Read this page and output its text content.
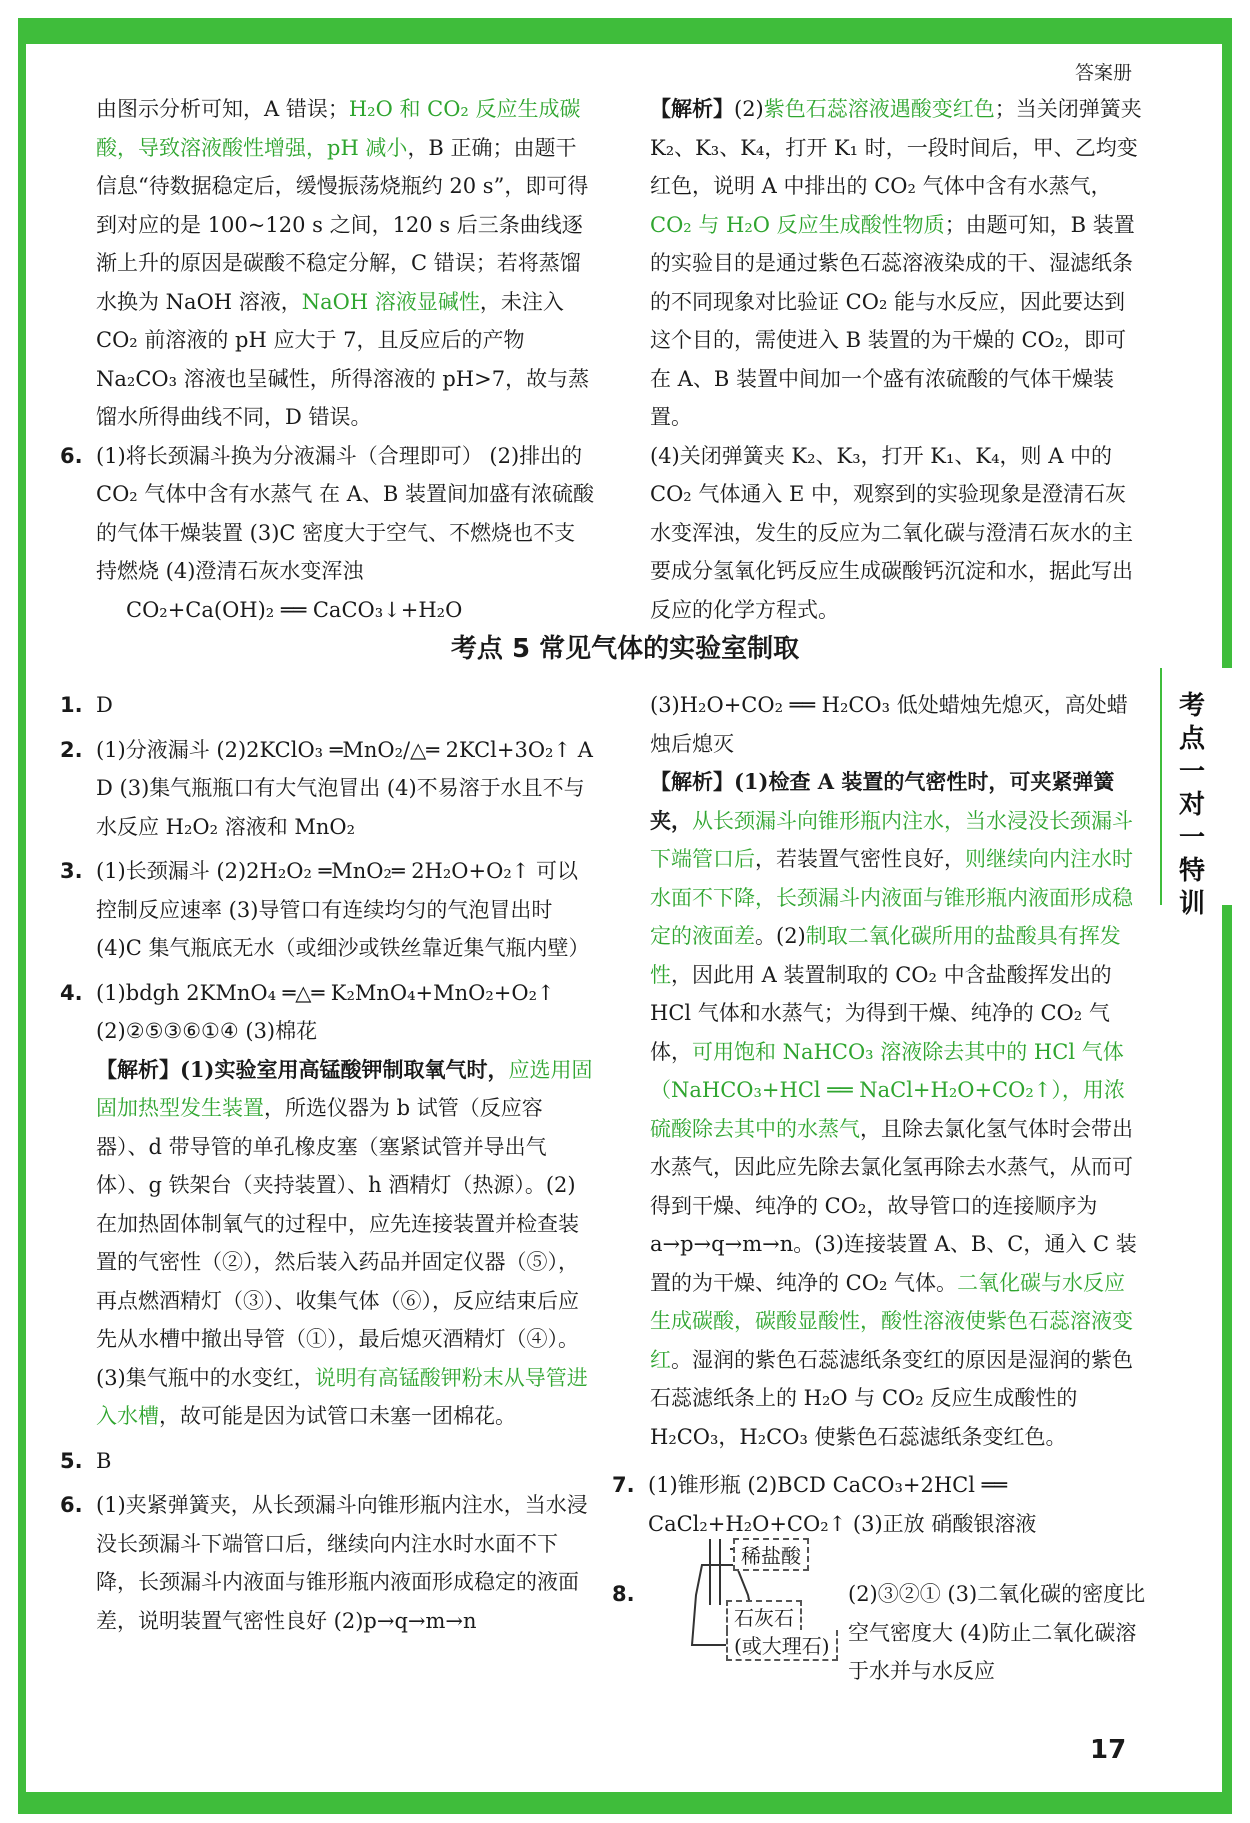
考点一对一特训
答案册

由图示分析可知，A 错误；H₂O 和 CO₂ 反应生成碳酸，导致溶液酸性增强，pH 减小，B 正确；由题干信息“待数据稳定后，缓慢振荡烧瓶约 20 s”，即可得到对应的是 100~120 s 之间，120 s 后三条曲线逐渐上升的原因是碳酸不稳定分解，C 错误；若将蒸馏水换为 NaOH 溶液，NaOH 溶液显碱性，未注入 CO₂ 前溶液的 pH 应大于 7，且反应后的产物 Na₂CO₃ 溶液也呈碱性，所得溶液的 pH>7，故与蒸馏水所得曲线不同，D 错误。

6. (1)将长颈漏斗换为分液漏斗（合理即可） (2)排出的 CO₂ 气体中含有水蒸气 在 A、B 装置间加盛有浓硫酸的气体干燥装置 (3)C 密度大于空气、不燃烧也不支持燃烧 (4)澄清石灰水变浑浊

CO₂+Ca(OH)₂ ══ CaCO₃↓+H₂O

【解析】(2)紫色石蕊溶液遇酸变红色；当关闭弹簧夹 K₂、K₃、K₄，打开 K₁ 时，一段时间后，甲、乙均变红色，说明 A 中排出的 CO₂ 气体中含有水蒸气，CO₂ 与 H₂O 反应生成酸性物质；由题可知，B 装置的实验目的是通过紫色石蕊溶液染成的干、湿滤纸条的不同现象对比验证 CO₂ 能与水反应，因此要达到这个目的，需使进入 B 装置的为干燥的 CO₂，即可在 A、B 装置中间加一个盛有浓硫酸的气体干燥装置。

(4)关闭弹簧夹 K₂、K₃，打开 K₁、K₄，则 A 中的 CO₂ 气体通入 E 中，观察到的实验现象是澄清石灰水变浑浊，发生的反应为二氧化碳与澄清石灰水的主要成分氢氧化钙反应生成碳酸钙沉淀和水，据此写出反应的化学方程式。

考点 5 常见气体的实验室制取

1. D

2. (1)分液漏斗 (2)2KClO₃ ═MnO₂/△═ 2KCl+3O₂↑ A D (3)集气瓶瓶口有大气泡冒出 (4)不易溶于水且不与水反应 H₂O₂ 溶液和 MnO₂

3. (1)长颈漏斗 (2)2H₂O₂ ═MnO₂═ 2H₂O+O₂↑ 可以控制反应速率 (3)导管口有连续均匀的气泡冒出时 (4)C 集气瓶底无水（或细沙或铁丝靠近集气瓶内壁）

4. (1)bdgh 2KMnO₄ ═△═ K₂MnO₄+MnO₂+O₂↑ (2)②⑤③⑥①④ (3)棉花

【解析】(1)实验室用高锰酸钾制取氧气时，应选用固固加热型发生装置，所选仪器为 b 试管（反应容器）、d 带导管的单孔橡皮塞（塞紧试管并导出气体）、g 铁架台（夹持装置）、h 酒精灯（热源）。(2)在加热固体制氧气的过程中，应先连接装置并检查装置的气密性（②），然后装入药品并固定仪器（⑤），再点燃酒精灯（③）、收集气体（⑥），反应结束后应先从水槽中撤出导管（①），最后熄灭酒精灯（④）。(3)集气瓶中的水变红，说明有高锰酸钾粉末从导管进入水槽，故可能是因为试管口未塞一团棉花。

5. B

6. (1)夹紧弹簧夹，从长颈漏斗向锥形瓶内注水，当水浸没长颈漏斗下端管口后，继续向内注水时水面不下降，长颈漏斗内液面与锥形瓶内液面形成稳定的液面差，说明装置气密性良好 (2)p→q→m→n

(3)H₂O+CO₂ ══ H₂CO₃ 低处蜡烛先熄灭，高处蜡烛后熄灭

【解析】(1)检查 A 装置的气密性时，可夹紧弹簧夹，从长颈漏斗向锥形瓶内注水，当水浸没长颈漏斗下端管口后，若装置气密性良好，则继续向内注水时水面不下降，长颈漏斗内液面与锥形瓶内液面形成稳定的液面差。(2)制取二氧化碳所用的盐酸具有挥发性，因此用 A 装置制取的 CO₂ 中含盐酸挥发出的 HCl 气体和水蒸气；为得到干燥、纯净的 CO₂ 气体，可用饱和 NaHCO₃ 溶液除去其中的 HCl 气体（NaHCO₃+HCl ══ NaCl+H₂O+CO₂↑），用浓硫酸除去其中的水蒸气，且除去氯化氢气体时会带出水蒸气，因此应先除去氯化氢再除去水蒸气，从而可得到干燥、纯净的 CO₂，故导管口的连接顺序为 a→p→q→m→n。(3)连接装置 A、B、C，通入 C 装置的为干燥、纯净的 CO₂ 气体。二氧化碳与水反应生成碳酸，碳酸显酸性，酸性溶液使紫色石蕊溶液变红。湿润的紫色石蕊滤纸条变红的原因是湿润的紫色石蕊滤纸条上的 H₂O 与 CO₂ 反应生成酸性的 H₂CO₃，H₂CO₃ 使紫色石蕊滤纸条变红色。

7. (1)锥形瓶 (2)BCD CaCO₃+2HCl ══ CaCl₂+H₂O+CO₂↑ (3)正放 硝酸银溶液

8.	(2)③②① (3)二氧化碳的密度比空气密度大 (4)防止二氧化碳溶于水并与水反应

稀盐酸
石灰石
(或大理石)
17
